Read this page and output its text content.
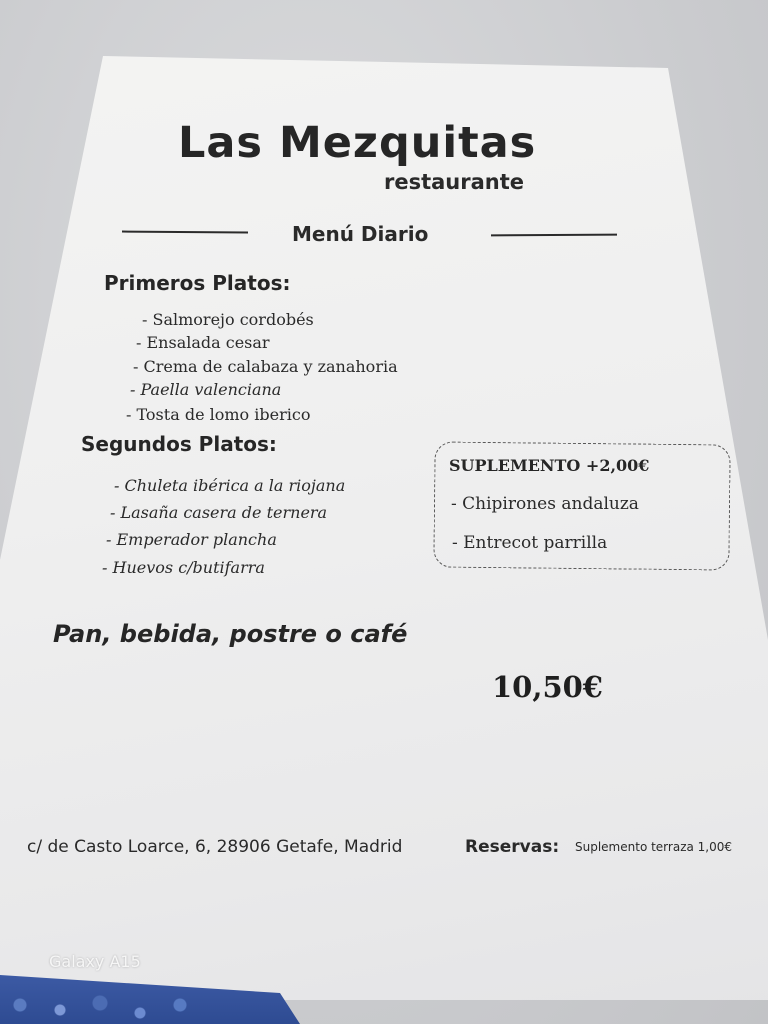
Las Mezquitas
restaurante
Menú Diario
Primeros Platos:
- Salmorejo cordobés
- Ensalada cesar
- Crema de calabaza y zanahoria
- Paella valenciana
- Tosta de lomo iberico
Segundos Platos:
- Chuleta ibérica a la riojana
- Lasaña casera de ternera
- Emperador plancha
- Huevos c/butifarra
SUPLEMENTO +2,00€
- Chipirones andaluza
- Entrecot parrilla
Pan, bebida, postre o café
10,50€
c/ de Casto Loarce, 6, 28906 Getafe, Madrid	Reservas: Suplemento terraza 1,00€
Galaxy A15
